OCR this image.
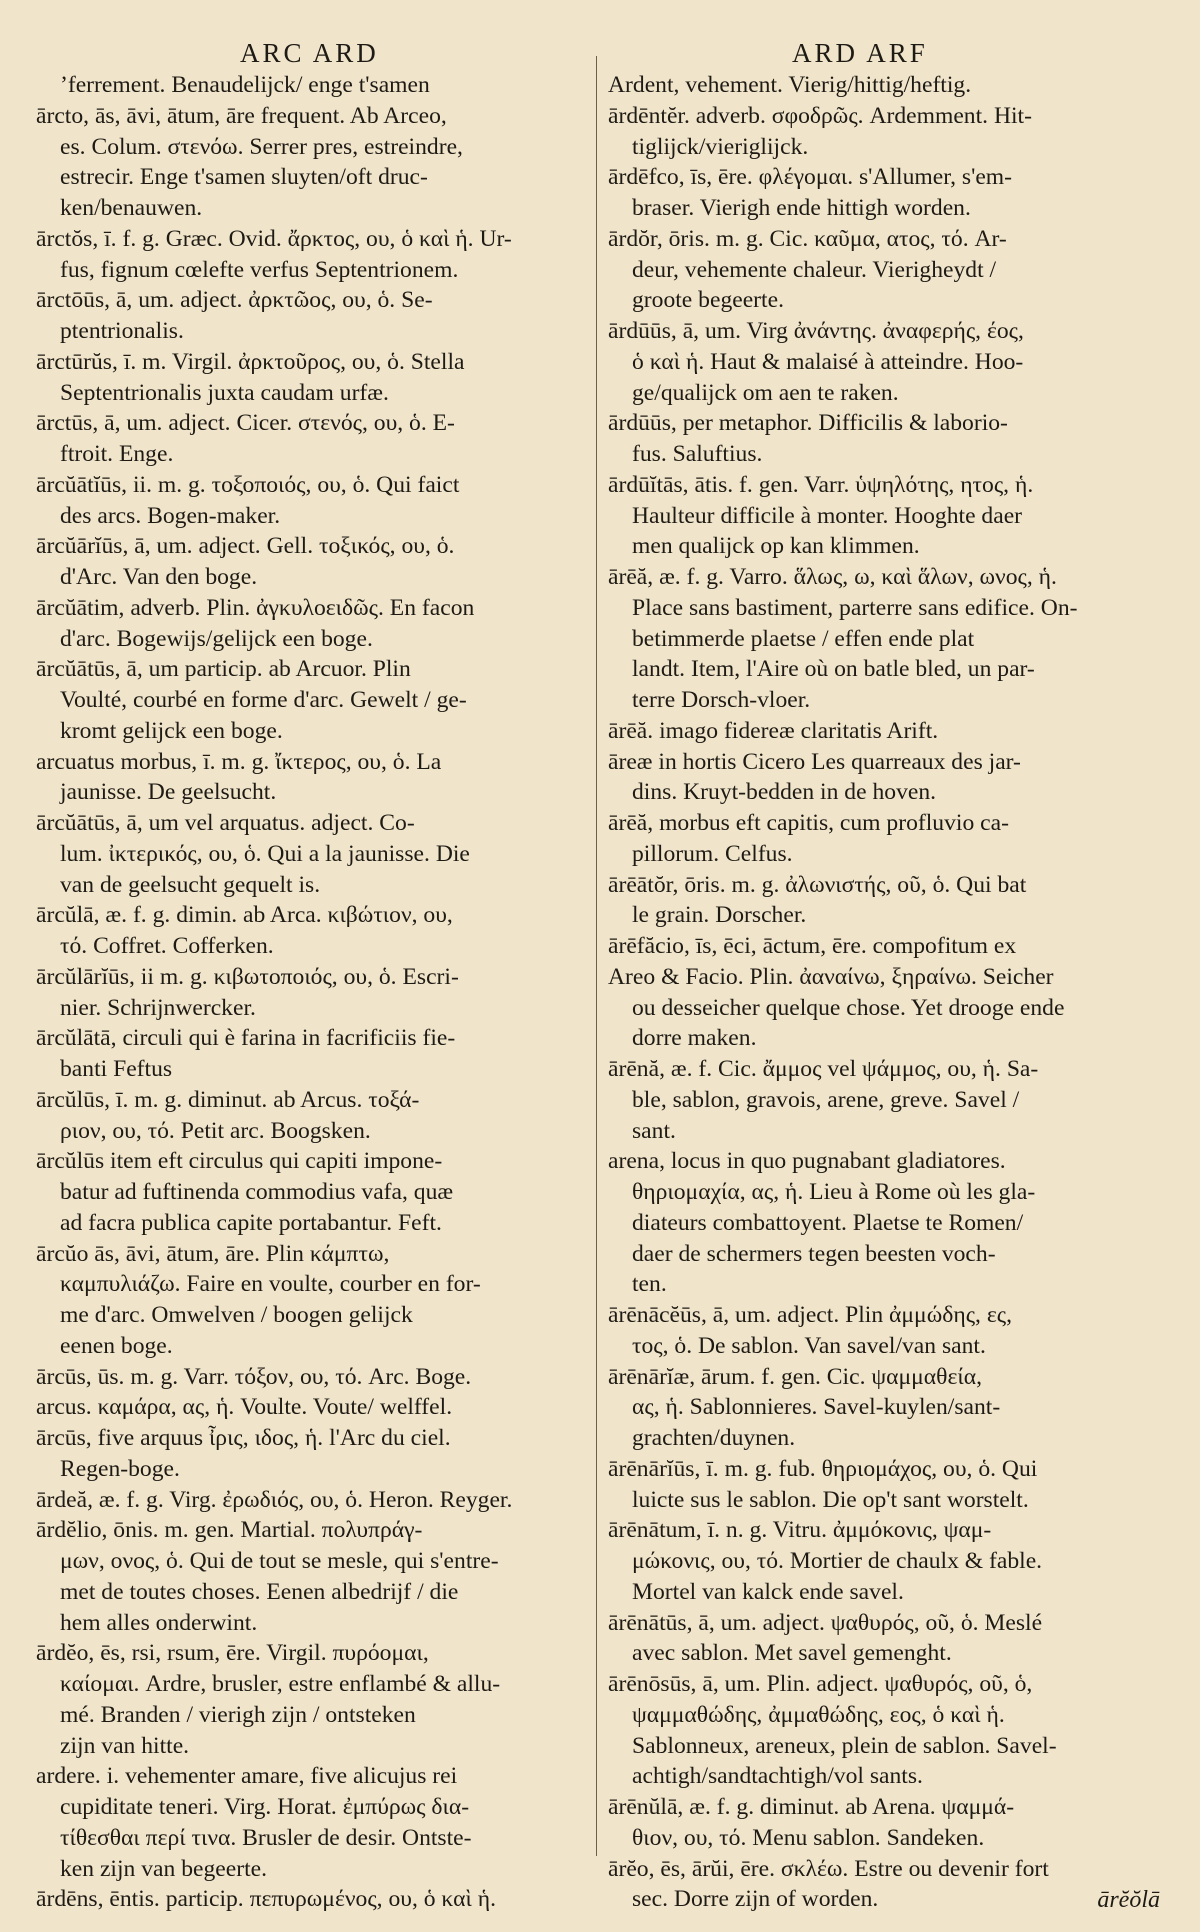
ARC ARD	ARD ARF
’ferrement. Benaudelijck/ enge t'samen
ārcto, ās, āvi, ātum, āre frequent. Ab Arceo,
es. Colum. στενόω. Serrer pres, estreindre,
estrecir. Enge t'samen sluyten/oft druc-
ken/benauwen.
ārctŏs, ī. f. g. Græc. Ovid. ἄρκτος, ου, ὁ καὶ ἡ. Ur-
fus, fignum cœlefte verfus Septentrionem.
ārctōūs, ā, um. adject. ἀρκτῶος, ου, ὁ. Se-
ptentrionalis.
ārctūrŭs, ī. m. Virgil. ἀρκτοῦρος, ου, ὁ. Stella
Septentrionalis juxta caudam urfæ.
ārctūs, ā, um. adject. Cicer. στενός, ου, ὁ. E-
ftroit. Enge.
ārcŭātĭūs, ii. m. g. τοξοποιός, ου, ὁ. Qui faict
des arcs. Bogen-maker.
ārcŭārĭūs, ā, um. adject. Gell. τοξικός, ου, ὁ.
d'Arc. Van den boge.
ārcŭātim, adverb. Plin. ἀγκυλοειδῶς. En facon
d'arc. Bogewijs/gelijck een boge.
ārcŭātūs, ā, um particip. ab Arcuor. Plin
Voulté, courbé en forme d'arc. Gewelt / ge-
kromt gelijck een boge.
arcuatus morbus, ī. m. g. ἴκτερος, ου, ὁ. La
jaunisse. De geelsucht.
ārcŭātūs, ā, um vel arquatus. adject. Co-
lum. ἰκτερικός, ου, ὁ. Qui a la jaunisse. Die
van de geelsucht gequelt is.
ārcŭlā, æ. f. g. dimin. ab Arca. κιβώτιον, ου,
τό. Coffret. Cofferken.
ārcŭlārĭūs, ii m. g. κιβωτοποιός, ου, ὁ. Escri-
nier. Schrijnwercker.
ārcŭlātā, circuli qui è farina in facrificiis fie-
banti Feftus
ārcŭlūs, ī. m. g. diminut. ab Arcus. τοξά-
ριον, ου, τό. Petit arc. Boogsken.
ārcŭlūs item eft circulus qui capiti impone-
batur ad fuftinenda commodius vafa, quæ
ad facra publica capite portabantur. Feft.
ārcŭo ās, āvi, ātum, āre. Plin κάμπτω,
καμπυλιάζω. Faire en voulte, courber en for-
me d'arc. Omwelven / boogen gelijck
eenen boge.
ārcūs, ūs. m. g. Varr. τόξον, ου, τό. Arc. Boge.
arcus. καμάρα, ας, ἡ. Voulte. Voute/ welffel.
ārcūs, five arquus ἶρις, ιδος, ἡ. l'Arc du ciel.
Regen-boge.
ārdeă, æ. f. g. Virg. ἐρωδιός, ου, ὁ. Heron. Reyger.
ārdĕlio, ōnis. m. gen. Martial. πολυπράγ-
μων, ονος, ὁ. Qui de tout se mesle, qui s'entre-
met de toutes choses. Eenen albedrijf / die
hem alles onderwint.
ārdĕo, ēs, rsi, rsum, ēre. Virgil. πυρόομαι,
καίομαι. Ardre, brusler, estre enflambé & allu-
mé. Branden / vierigh zijn / ontsteken
zijn van hitte.
ardere. i. vehementer amare, five alicujus rei
cupiditate teneri. Virg. Horat. ἐμπύρως δια-
τίθεσθαι περί τινα. Brusler de desir. Ontste-
ken zijn van begeerte.
ārdēns, ēntis. particip. πεπυρωμένος, ου, ὁ καὶ ἡ.
Ardent, vehement. Vierig/hittig/heftig.
ārdēntĕr. adverb. σφοδρῶς. Ardemment. Hit-
tiglijck/vieriglijck.
ārdēfco, īs, ēre. φλέγομαι. s'Allumer, s'em-
braser. Vierigh ende hittigh worden.
ārdŏr, ōris. m. g. Cic. καῦμα, ατος, τό. Ar-
deur, vehemente chaleur. Vierigheydt /
groote begeerte.
ārdūūs, ā, um. Virg ἀνάντης. ἀναφερής, έος,
ὁ καὶ ἡ. Haut & malaisé à atteindre. Hoo-
ge/qualijck om aen te raken.
ārdūūs, per metaphor. Difficilis & laborio-
fus. Saluftius.
ārdūĭtās, ātis. f. gen. Varr. ὑψηλότης, ητος, ἡ.
Haulteur difficile à monter. Hooghte daer
men qualijck op kan klimmen.
ārēă, æ. f. g. Varro. ἅλως, ω, καὶ ἅλων, ωνος, ἡ.
Place sans bastiment, parterre sans edifice. On-
betimmerde plaetse / effen ende plat
landt. Item, l'Aire où on batle bled, un par-
terre Dorsch-vloer.
ārēă. imago fidereæ claritatis Arift.
āreæ in hortis Cicero Les quarreaux des jar-
dins. Kruyt-bedden in de hoven.
ārēă, morbus eft capitis, cum profluvio ca-
pillorum. Celfus.
ārēātŏr, ōris. m. g. ἀλωνιστής, οῦ, ὁ. Qui bat
le grain. Dorscher.
ārēfăcio, īs, ēci, āctum, ēre. compofitum ex
Areo & Facio. Plin. ἀαναίνω, ξηραίνω. Seicher
ou desseicher quelque chose. Yet drooge ende
dorre maken.
ārēnă, æ. f. Cic. ἄμμος vel ψάμμος, ου, ἡ. Sa-
ble, sablon, gravois, arene, greve. Savel /
sant.
arena, locus in quo pugnabant gladiatores.
θηριομαχία, ας, ἡ. Lieu à Rome où les gla-
diateurs combattoyent. Plaetse te Romen/
daer de schermers tegen beesten voch-
ten.
ārēnācĕūs, ā, um. adject. Plin ἀμμώδης, ες,
τος, ὁ. De sablon. Van savel/van sant.
ārēnārĭæ, ārum. f. gen. Cic. ψαμμαθεία,
ας, ἡ. Sablonnieres. Savel-kuylen/sant-
grachten/duynen.
ārēnārĭūs, ī. m. g. fub. θηριομάχος, ου, ὁ. Qui
luicte sus le sablon. Die op't sant worstelt.
ārēnātum, ī. n. g. Vitru. ἀμμόκονις, ψαμ-
μώκονις, ου, τό. Mortier de chaulx & fable.
Mortel van kalck ende savel.
ārēnātūs, ā, um. adject. ψαθυρός, οῦ, ὁ. Meslé
avec sablon. Met savel gemenght.
ārēnōsūs, ā, um. Plin. adject. ψαθυρός, οῦ, ὁ,
ψαμμαθώδης, ἀμμαθώδης, εος, ὁ καὶ ἡ.
Sablonneux, areneux, plein de sablon. Savel-
achtigh/sandtachtigh/vol sants.
ārēnŭlā, æ. f. g. diminut. ab Arena. ψαμμά-
θιον, ου, τό. Menu sablon. Sandeken.
ārĕo, ēs, ārŭi, ēre. σκλέω. Estre ou devenir fort
sec. Dorre zijn of worden.	ārĕŏlā
